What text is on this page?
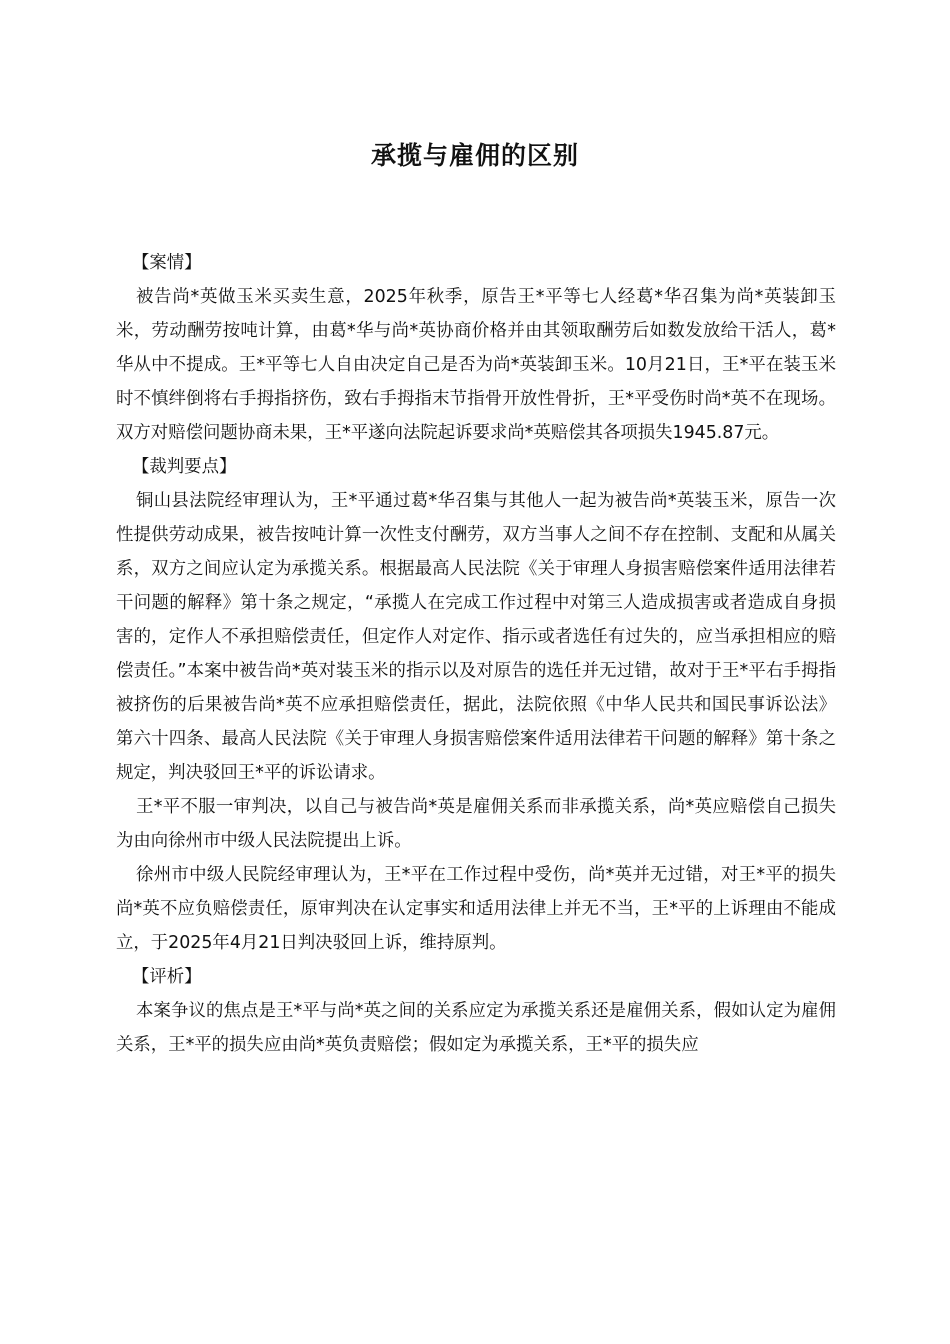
承揽与雇佣的区别

【案情】

被告尚*英做玉米买卖生意，2025年秋季，原告王*平等七人经葛*华召集为尚*英装卸玉米，劳动酬劳按吨计算，由葛*华与尚*英协商价格并由其领取酬劳后如数发放给干活人，葛*华从中不提成。王*平等七人自由决定自己是否为尚*英装卸玉米。10月21日，王*平在装玉米时不慎绊倒将右手拇指挤伤，致右手拇指末节指骨开放性骨折，王*平受伤时尚*英不在现场。双方对赔偿问题协商未果，王*平遂向法院起诉要求尚*英赔偿其各项损失1945.87元。

【裁判要点】

铜山县法院经审理认为，王*平通过葛*华召集与其他人一起为被告尚*英装玉米，原告一次性提供劳动成果，被告按吨计算一次性支付酬劳，双方当事人之间不存在控制、支配和从属关系，双方之间应认定为承揽关系。根据最高人民法院《关于审理人身损害赔偿案件适用法律若干问题的解释》第十条之规定，“承揽人在完成工作过程中对第三人造成损害或者造成自身损害的，定作人不承担赔偿责任，但定作人对定作、指示或者选任有过失的，应当承担相应的赔偿责任。”本案中被告尚*英对装玉米的指示以及对原告的选任并无过错，故对于王*平右手拇指被挤伤的后果被告尚*英不应承担赔偿责任，据此，法院依照《中华人民共和国民事诉讼法》第六十四条、最高人民法院《关于审理人身损害赔偿案件适用法律若干问题的解释》第十条之规定，判决驳回王*平的诉讼请求。

王*平不服一审判决，以自己与被告尚*英是雇佣关系而非承揽关系，尚*英应赔偿自己损失为由向徐州市中级人民法院提出上诉。

徐州市中级人民院经审理认为，王*平在工作过程中受伤，尚*英并无过错，对王*平的损失尚*英不应负赔偿责任，原审判决在认定事实和适用法律上并无不当，王*平的上诉理由不能成立，于2025年4月21日判决驳回上诉，维持原判。

【评析】

本案争议的焦点是王*平与尚*英之间的关系应定为承揽关系还是雇佣关系，假如认定为雇佣关系，王*平的损失应由尚*英负责赔偿；假如定为承揽关系，王*平的损失应
